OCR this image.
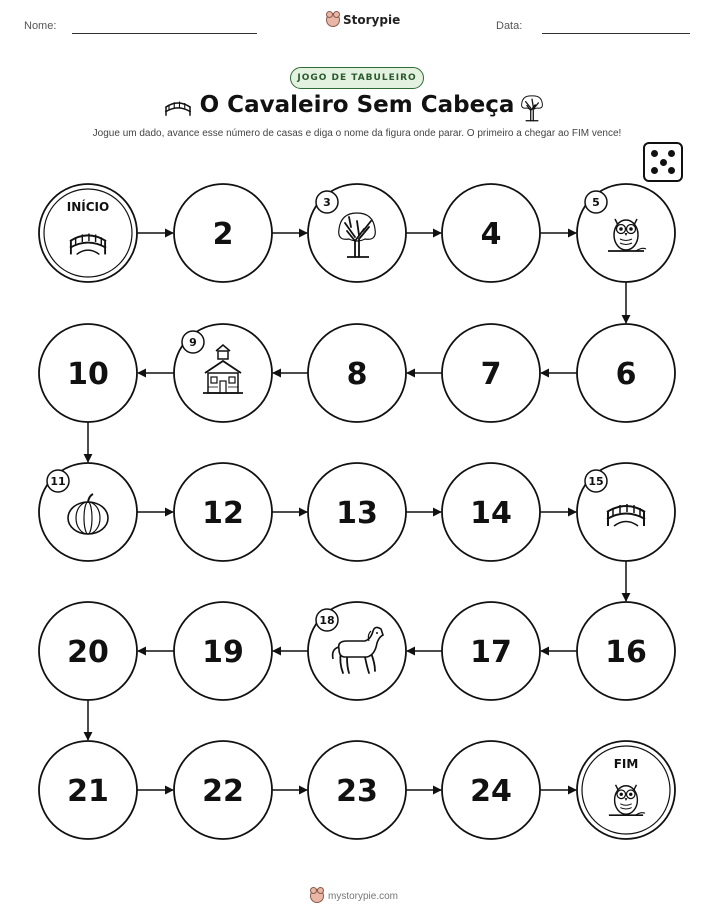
Nome:	Storypie	Data:
JOGO DE TABULEIRO
O Cavaleiro Sem Cabeça
Jogue um dado, avance esse número de casas e diga o nome da figura onde parar. O primeiro a chegar ao FIM vence!
INÍCIO
2
3
4
5
6
7
8
9
10
11
12	13	14
15
16
17
18
19
20
21	22	23	24
FIM
mystorypie.com
